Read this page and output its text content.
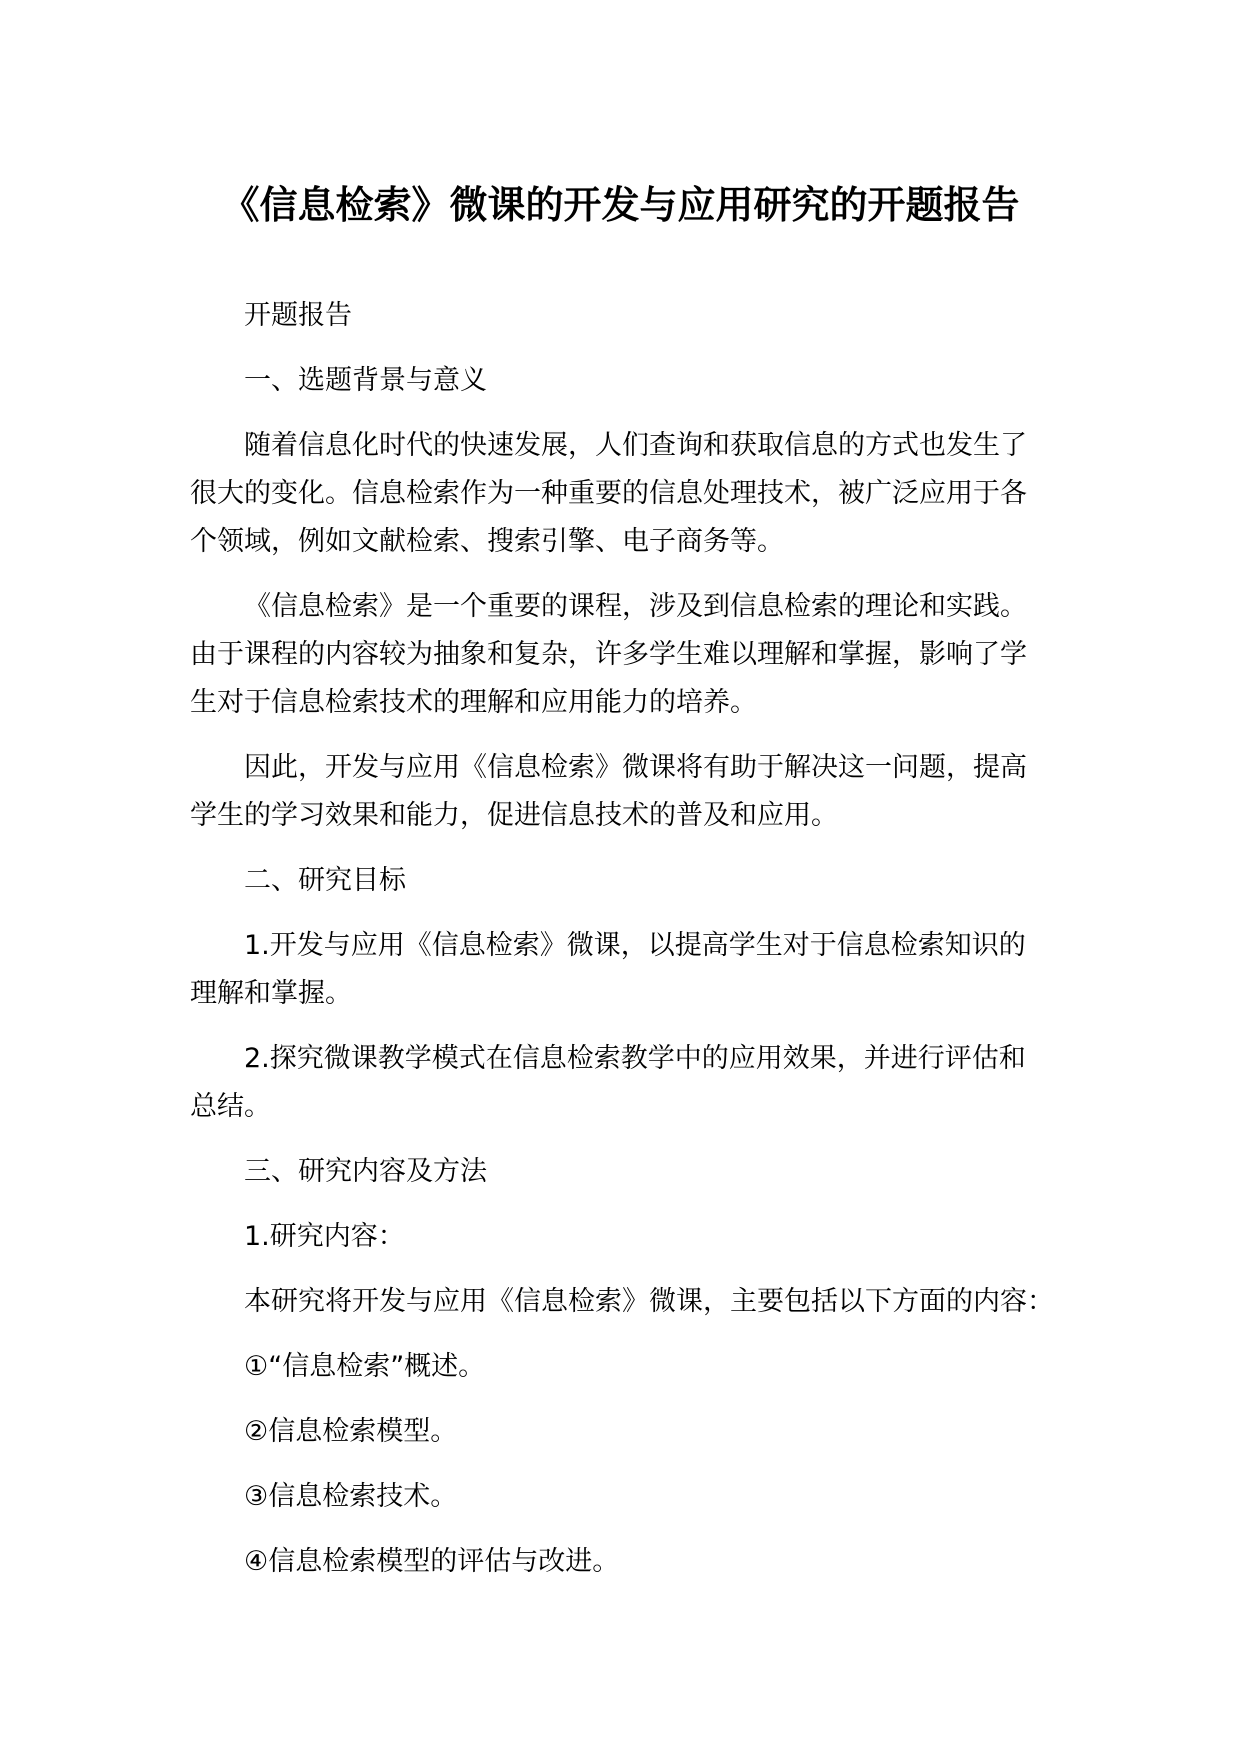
《信息检索》微课的开发与应用研究的开题报告

开题报告

一、选题背景与意义

随着信息化时代的快速发展，人们查询和获取信息的方式也发生了
很大的变化。信息检索作为一种重要的信息处理技术，被广泛应用于各
个领域，例如文献检索、搜索引擎、电子商务等。

《信息检索》是一个重要的课程，涉及到信息检索的理论和实践。
由于课程的内容较为抽象和复杂，许多学生难以理解和掌握，影响了学
生对于信息检索技术的理解和应用能力的培养。

因此，开发与应用《信息检索》微课将有助于解决这一问题，提高
学生的学习效果和能力，促进信息技术的普及和应用。

二、研究目标

1.开发与应用《信息检索》微课，以提高学生对于信息检索知识的
理解和掌握。

2.探究微课教学模式在信息检索教学中的应用效果，并进行评估和
总结。

三、研究内容及方法

1.研究内容：

本研究将开发与应用《信息检索》微课，主要包括以下方面的内容：

①“信息检索”概述。

②信息检索模型。

③信息检索技术。

④信息检索模型的评估与改进。
